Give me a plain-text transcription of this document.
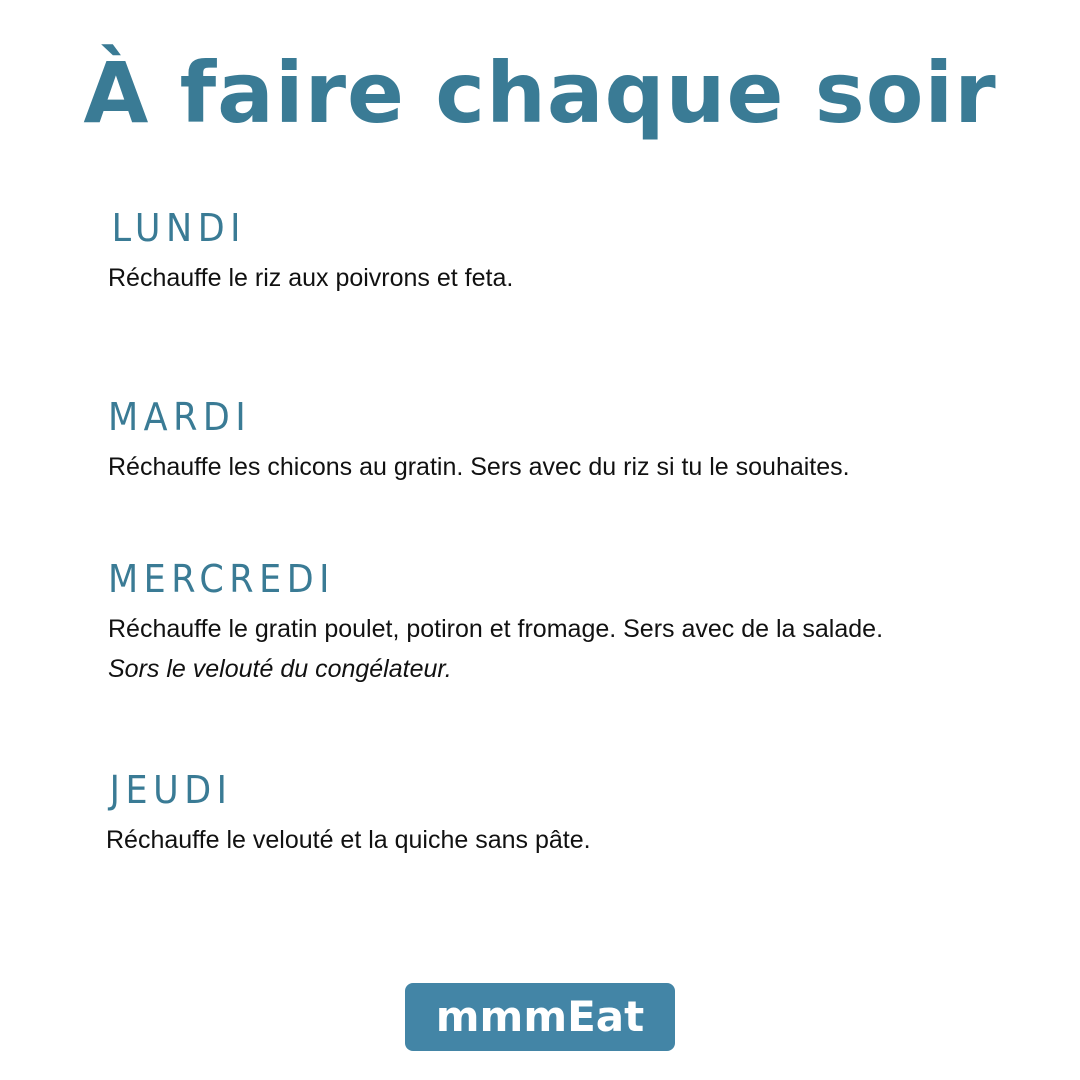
À faire chaque soir
LUNDI

Réchauffe le riz aux poivrons et feta.

MARDI

Réchauffe les chicons au gratin. Sers avec du riz si tu le souhaites.

MERCREDI

Réchauffe le gratin poulet, potiron et fromage. Sers avec de la salade.

Sors le velouté du congélateur.

JEUDI

Réchauffe le velouté et la quiche sans pâte.

mmmEat
